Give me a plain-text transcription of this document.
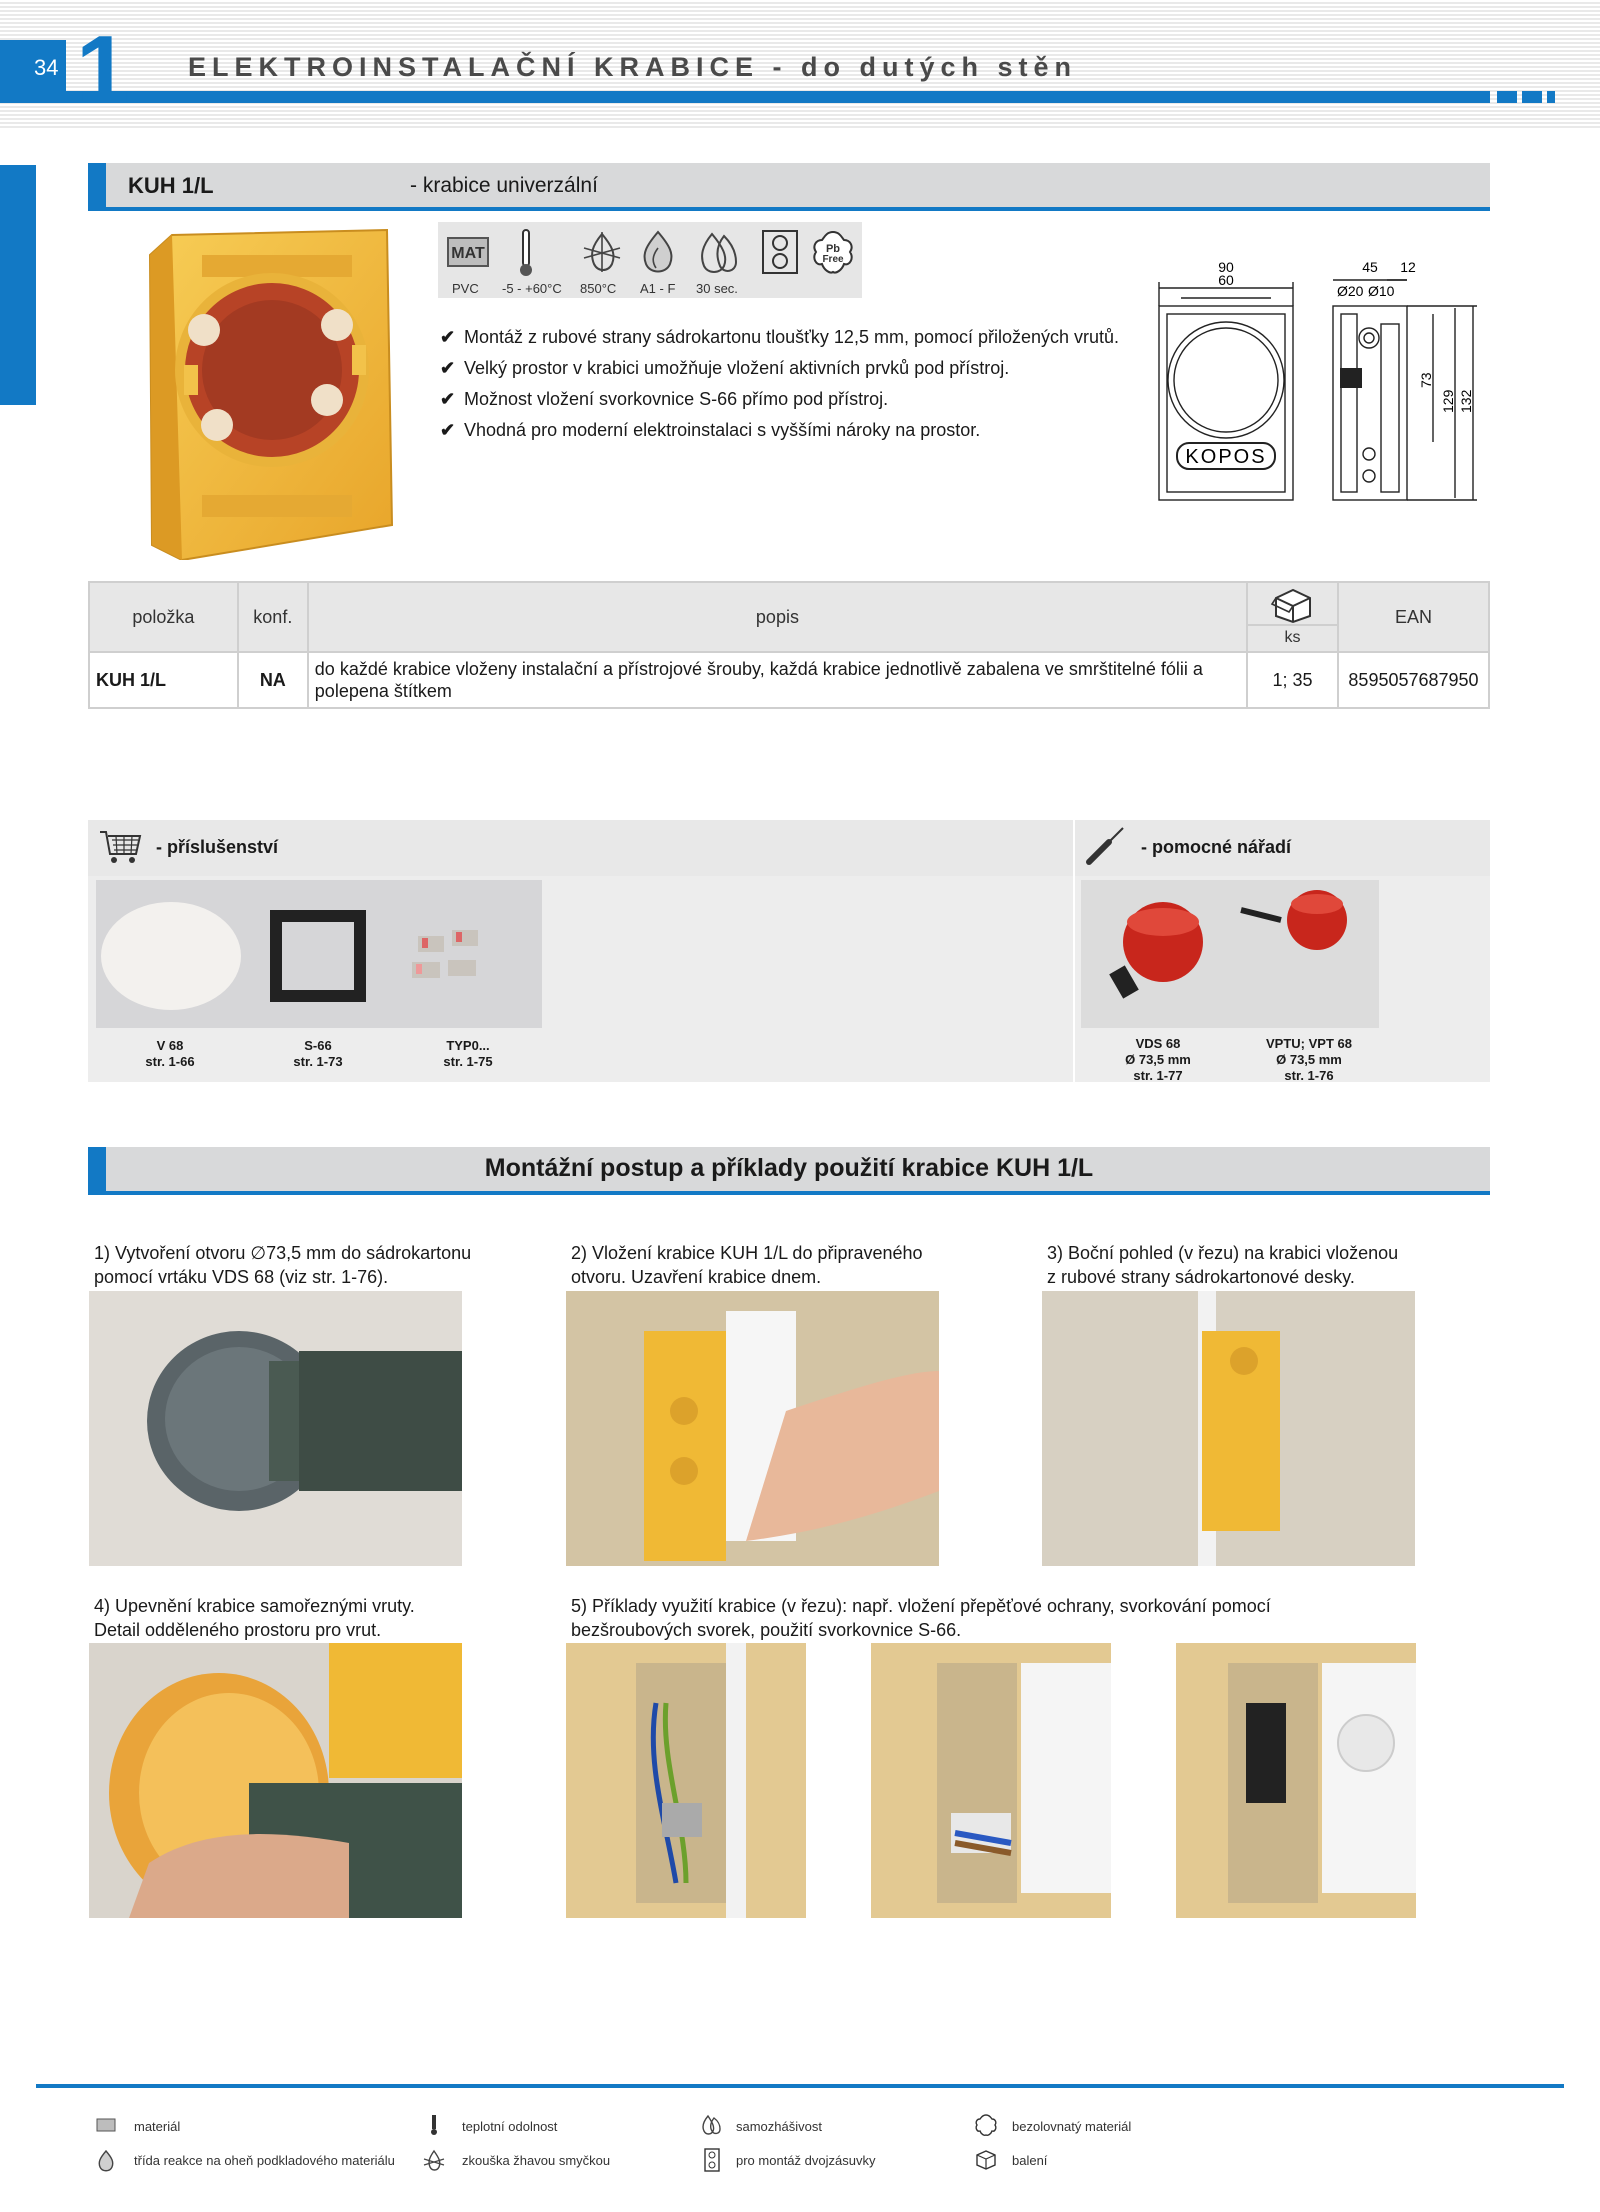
34 1 ELEKTROINSTALAČNÍ KRABICE - do dutých stěn
KUH 1/L	- krabice univerzální
MAT	Pb
Free
PVC -5 - +60°C 850°C A1 - F 30 sec.
✔ Montáž z rubové strany sádrokartonu tloušťky 12,5 mm, pomocí přiložených vrutů.
✔ Velký prostor v krabici umožňuje vložení aktivních prvků pod přístroj.
✔ Možnost vložení svorkovnice S-66 přímo pod přístroj.
✔ Vhodná pro moderní elektroinstalaci s vyššími nároky na prostor.
90
60
45 12
Ø20 Ø10
73
129 132
KOPOS
položka	konf.	popis	ks	EAN
KUH 1/L	NA	do každé krabice vloženy instalační a přístrojové šrouby, každá krabice jednotlivě zabalena ve smrštitelné fólii a polepena štítkem	1; 35	8595057687950
- příslušenství
V 68
str. 1-66
S-66
str. 1-73
TYP0...
str. 1-75
- pomocné nářadí
VDS 68
Ø 73,5 mm
str. 1-77
VPTU; VPT 68
Ø 73,5 mm
str. 1-76
Montážní postup a příklady použití krabice KUH 1/L
1) Vytvoření otvoru ∅73,5 mm do sádrokartonu
pomocí vrtáku VDS 68 (viz str. 1-76).
2) Vložení krabice KUH 1/L do připraveného
otvoru. Uzavření krabice dnem.
3) Boční pohled (v řezu) na krabici vloženou
z rubové strany sádrokartonové desky.
4) Upevnění krabice samořeznými vruty.
Detail odděleného prostoru pro vrut.
5) Příklady využití krabice (v řezu): např. vložení přepěťové ochrany, svorkování pomocí
bezšroubových svorek, použití svorkovnice S-66.
materiál	teplotní odolnost	samozhášivost	bezolovnatý materiál
třída reakce na oheň podkladového materiálu	zkouška žhavou smyčkou	pro montáž dvojzásuvky	balení
